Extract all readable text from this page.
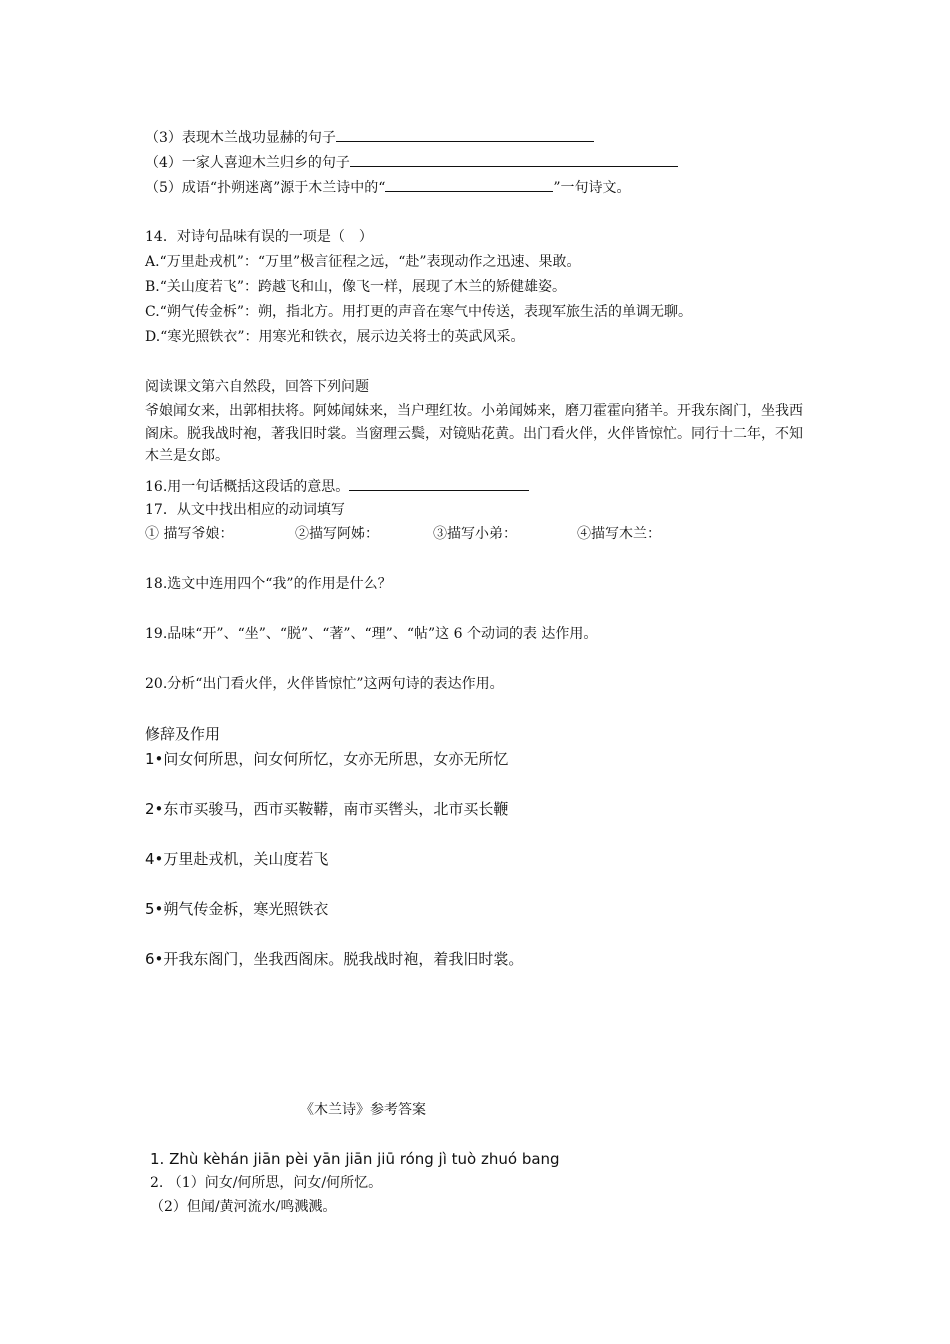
（3）表现木兰战功显赫的句子
（4）一家人喜迎木兰归乡的句子
（5）成语“扑朔迷离”源于木兰诗中的“	”一句诗文。
14．对诗句品味有误的一项是（　）
A.“万里赴戎机”：“万里”极言征程之远，“赴”表现动作之迅速、果敢。
B.“关山度若飞”：跨越飞和山，像飞一样，展现了木兰的矫健雄姿。
C.“朔气传金柝”：朔，指北方。用打更的声音在寒气中传送，表现军旅生活的单调无聊。
D.“寒光照铁衣”：用寒光和铁衣，展示边关将士的英武风采。
阅读课文第六自然段，回答下列问题
爷娘闻女来，出郭相扶将。阿姊闻妹来，当户理红妆。小弟闻姊来，磨刀霍霍向猪羊。开我东阁门，坐我西阁床。脱我战时袍，著我旧时裳。当窗理云鬓，对镜贴花黄。出门看火伴，火伴皆惊忙。同行十二年，不知木兰是女郎。
16.用一句话概括这段话的意思。
17．从文中找出相应的动词填写
① 描写爷娘：	②描写阿姊：	③描写小弟：	④描写木兰：
18.选文中连用四个“我”的作用是什么？
19.品味“开”、“坐”、“脱”、“著”、“理”、“帖”这 6 个动词的表 达作用。
20.分析“出门看火伴，火伴皆惊忙”这两句诗的表达作用。
修辞及作用
1•问女何所思，问女何所忆，女亦无所思，女亦无所忆
2•东市买骏马，西市买鞍鞯，南市买辔头，北市买长鞭
4•万里赴戎机，关山度若飞
5•朔气传金柝，寒光照铁衣
6•开我东阁门，坐我西阁床。脱我战时袍，着我旧时裳。
《木兰诗》参考答案
1. Zhù kèhán jiān pèi yān jiān jiū róng jì tuò zhuó bang
2. （1）问女/何所思，问女/何所忆。
（2）但闻/黄河流水/鸣溅溅。
